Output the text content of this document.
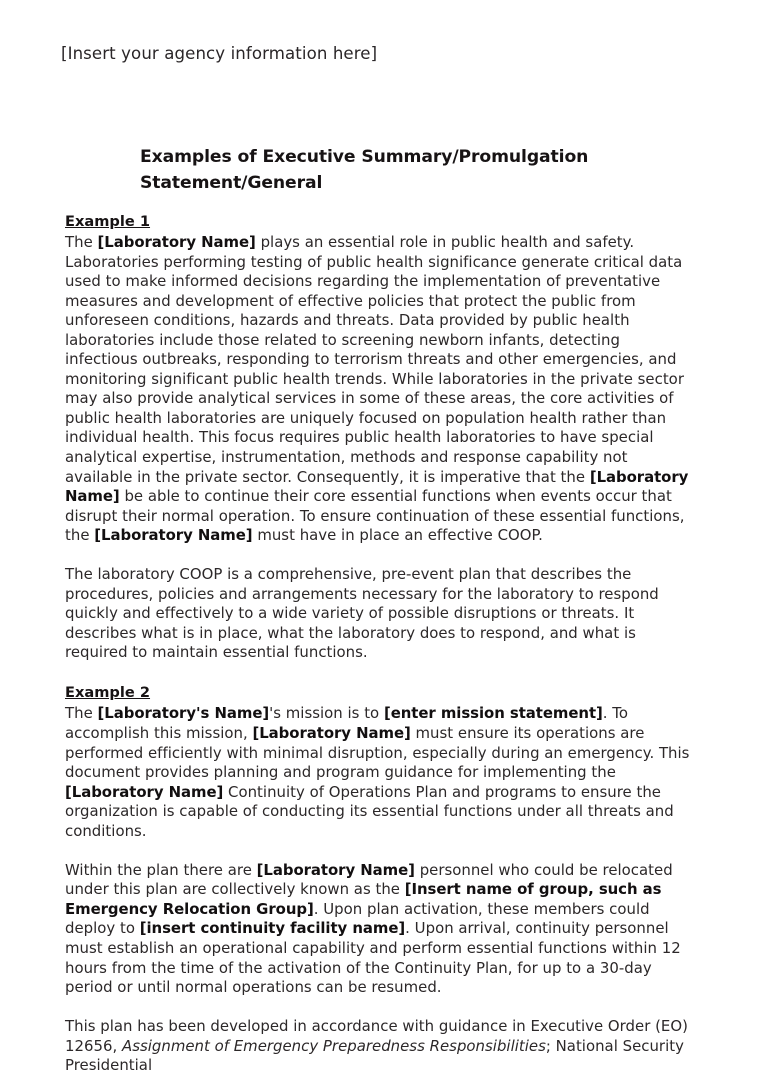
[Insert your agency information here]
Examples of Executive Summary/Promulgation Statement/General
Example 1

The [Laboratory Name] plays an essential role in public health and safety. Laboratories performing testing of public health significance generate critical data used to make informed decisions regarding the implementation of preventative measures and development of effective policies that protect the public from unforeseen conditions, hazards and threats. Data provided by public health laboratories include those related to screening newborn infants, detecting infectious outbreaks, responding to terrorism threats and other emergencies, and monitoring significant public health trends. While laboratories in the private sector may also provide analytical services in some of these areas, the core activities of public health laboratories are uniquely focused on population health rather than individual health. This focus requires public health laboratories to have special analytical expertise, instrumentation, methods and response capability not available in the private sector. Consequently, it is imperative that the [Laboratory Name] be able to continue their core essential functions when events occur that disrupt their normal operation. To ensure continuation of these essential functions, the [Laboratory Name] must have in place an effective COOP.

The laboratory COOP is a comprehensive, pre-event plan that describes the procedures, policies and arrangements necessary for the laboratory to respond quickly and effectively to a wide variety of possible disruptions or threats. It describes what is in place, what the laboratory does to respond, and what is required to maintain essential functions.

Example 2

The [Laboratory's Name]'s mission is to [enter mission statement]. To accomplish this mission, [Laboratory Name] must ensure its operations are performed efficiently with minimal disruption, especially during an emergency. This document provides planning and program guidance for implementing the [Laboratory Name] Continuity of Operations Plan and programs to ensure the organization is capable of conducting its essential functions under all threats and conditions.

Within the plan there are [Laboratory Name] personnel who could be relocated under this plan are collectively known as the [Insert name of group, such as Emergency Relocation Group]. Upon plan activation, these members could deploy to [insert continuity facility name]. Upon arrival, continuity personnel must establish an operational capability and perform essential functions within 12 hours from the time of the activation of the Continuity Plan, for up to a 30-day period or until normal operations can be resumed.

This plan has been developed in accordance with guidance in Executive Order (EO) 12656, Assignment of Emergency Preparedness Responsibilities; National Security Presidential
